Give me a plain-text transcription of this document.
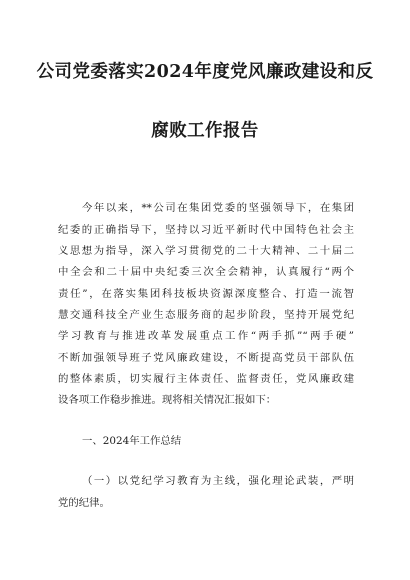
公司党委落实2024年度党风廉政建设和反
腐败工作报告
今年以来，**公司在集团党委的坚强领导下，在集团
纪委的正确指导下，坚持以习近平新时代中国特色社会主
义思想为指导，深入学习贯彻党的二十大精神、二十届二
中全会和二十届中央纪委三次全会精神，认真履行“两个
责任”，在落实集团科技板块资源深度整合、打造一流智
慧交通科技全产业生态服务商的起步阶段，坚持开展党纪
学习教育与推进改革发展重点工作“两手抓”“两手硬”
不断加强领导班子党风廉政建设，不断提高党员干部队伍
的整体素质，切实履行主体责任、监督责任，党风廉政建
设各项工作稳步推进。现将相关情况汇报如下：
一、2024年工作总结
（一）以党纪学习教育为主线，强化理论武装，严明
党的纪律。
